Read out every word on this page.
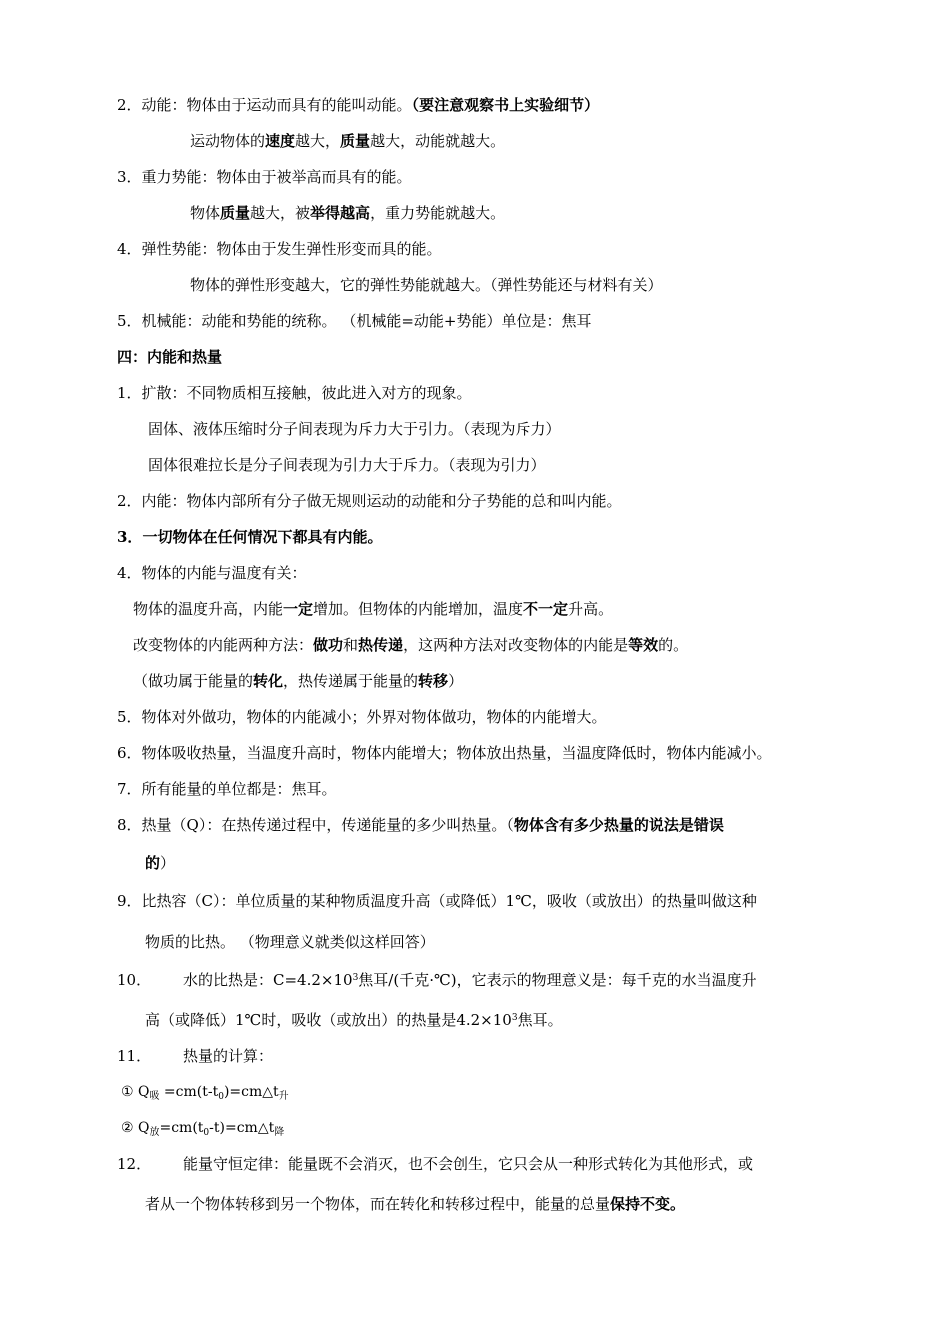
2．动能：物体由于运动而具有的能叫动能。（要注意观察书上实验细节）
运动物体的速度越大，质量越大，动能就越大。
3．重力势能：物体由于被举高而具有的能。
物体质量越大，被举得越高，重力势能就越大。
4．弹性势能：物体由于发生弹性形变而具的能。
物体的弹性形变越大，它的弹性势能就越大。（弹性势能还与材料有关）
5．机械能：动能和势能的统称。 （机械能=动能+势能）单位是：焦耳
四：内能和热量
1．扩散：不同物质相互接触，彼此进入对方的现象。
固体、液体压缩时分子间表现为斥力大于引力。（表现为斥力）
固体很难拉长是分子间表现为引力大于斥力。（表现为引力）
2．内能：物体内部所有分子做无规则运动的动能和分子势能的总和叫内能。
3．一切物体在任何情况下都具有内能。
4．物体的内能与温度有关：
物体的温度升高，内能一定增加。但物体的内能增加，温度不一定升高。
改变物体的内能两种方法：做功和热传递，这两种方法对改变物体的内能是等效的。
（做功属于能量的转化，热传递属于能量的转移）
5．物体对外做功，物体的内能减小；外界对物体做功，物体的内能增大。
6．物体吸收热量，当温度升高时，物体内能增大；物体放出热量，当温度降低时，物体内能减小。
7．所有能量的单位都是：焦耳。
8．热量（Q）：在热传递过程中，传递能量的多少叫热量。（物体含有多少热量的说法是错误
的）
9．比热容（C）：单位质量的某种物质温度升高（或降低）1℃，吸收（或放出）的热量叫做这种
物质的比热。 （物理意义就类似这样回答）
10． 水的比热是：$C=4.2\times 10^3$焦耳/(千克·℃)，它表示的物理意义是：每千克的水当温度升
高（或降低）1℃时，吸收（或放出）的热量是$4.2\times 10^3$焦耳。
11． 热量的计算：
① $Q_吸$ $=cm(t-t_0)=cm\triangle t_升$
② $Q_放=cm(t_0-t)=cm\triangle t_降$
12． 能量守恒定律：能量既不会消灭，也不会创生，它只会从一种形式转化为其他形式，或
者从一个物体转移到另一个物体，而在转化和转移过程中，能量的总量保持不变。
